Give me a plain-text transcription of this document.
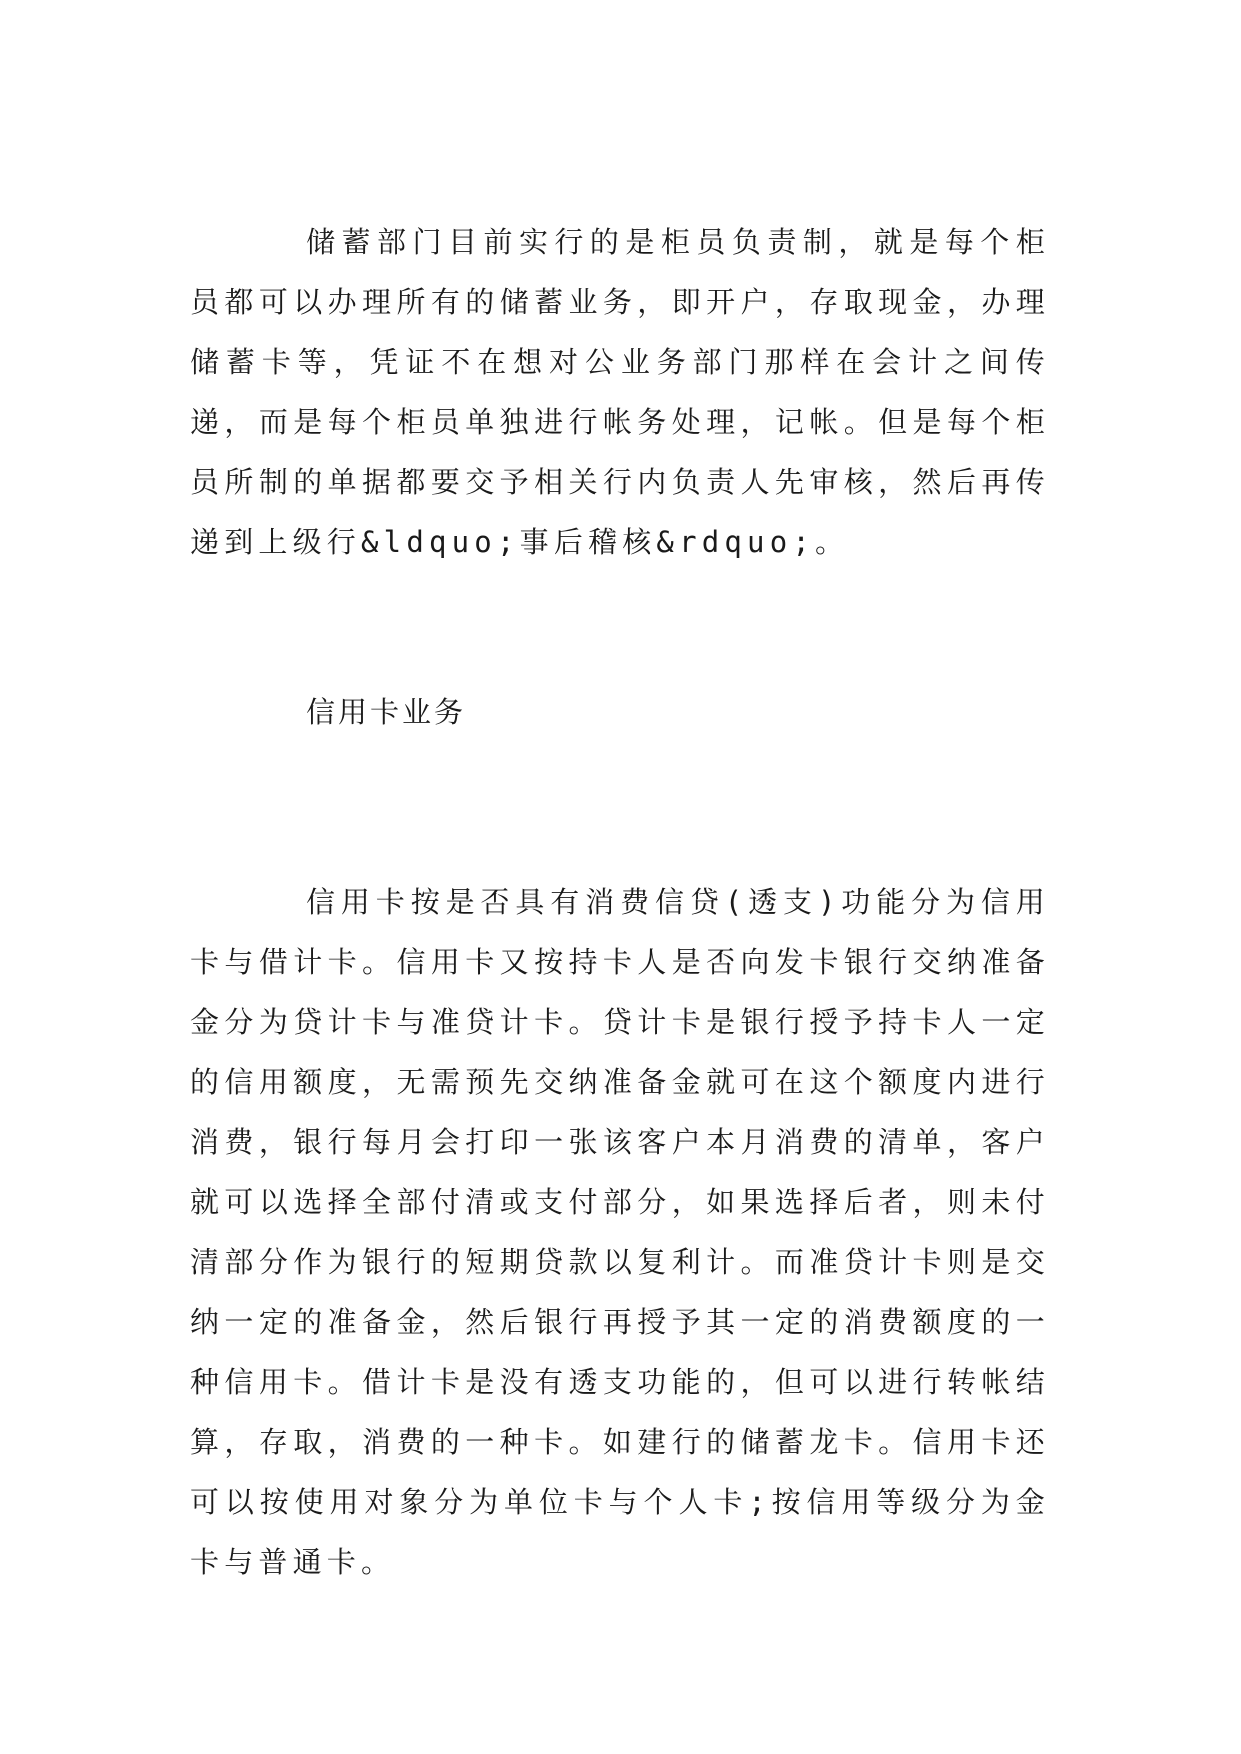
储蓄部门目前实行的是柜员负责制，就是每个柜员都可以办理所有的储蓄业务，即开户，存取现金，办理储蓄卡等，凭证不在想对公业务部门那样在会计之间传递，而是每个柜员单独进行帐务处理，记帐。但是每个柜员所制的单据都要交予相关行内负责人先审核，然后再传递到上级行&ldquo;事后稽核&rdquo;。

信用卡业务

信用卡按是否具有消费信贷(透支)功能分为信用卡与借计卡。信用卡又按持卡人是否向发卡银行交纳准备金分为贷计卡与准贷计卡。贷计卡是银行授予持卡人一定的信用额度，无需预先交纳准备金就可在这个额度内进行消费，银行每月会打印一张该客户本月消费的清单，客户就可以选择全部付清或支付部分，如果选择后者，则未付清部分作为银行的短期贷款以复利计。而准贷计卡则是交纳一定的准备金，然后银行再授予其一定的消费额度的一种信用卡。借计卡是没有透支功能的，但可以进行转帐结算，存取，消费的一种卡。如建行的储蓄龙卡。信用卡还可以按使用对象分为单位卡与个人卡;按信用等级分为金卡与普通卡。
